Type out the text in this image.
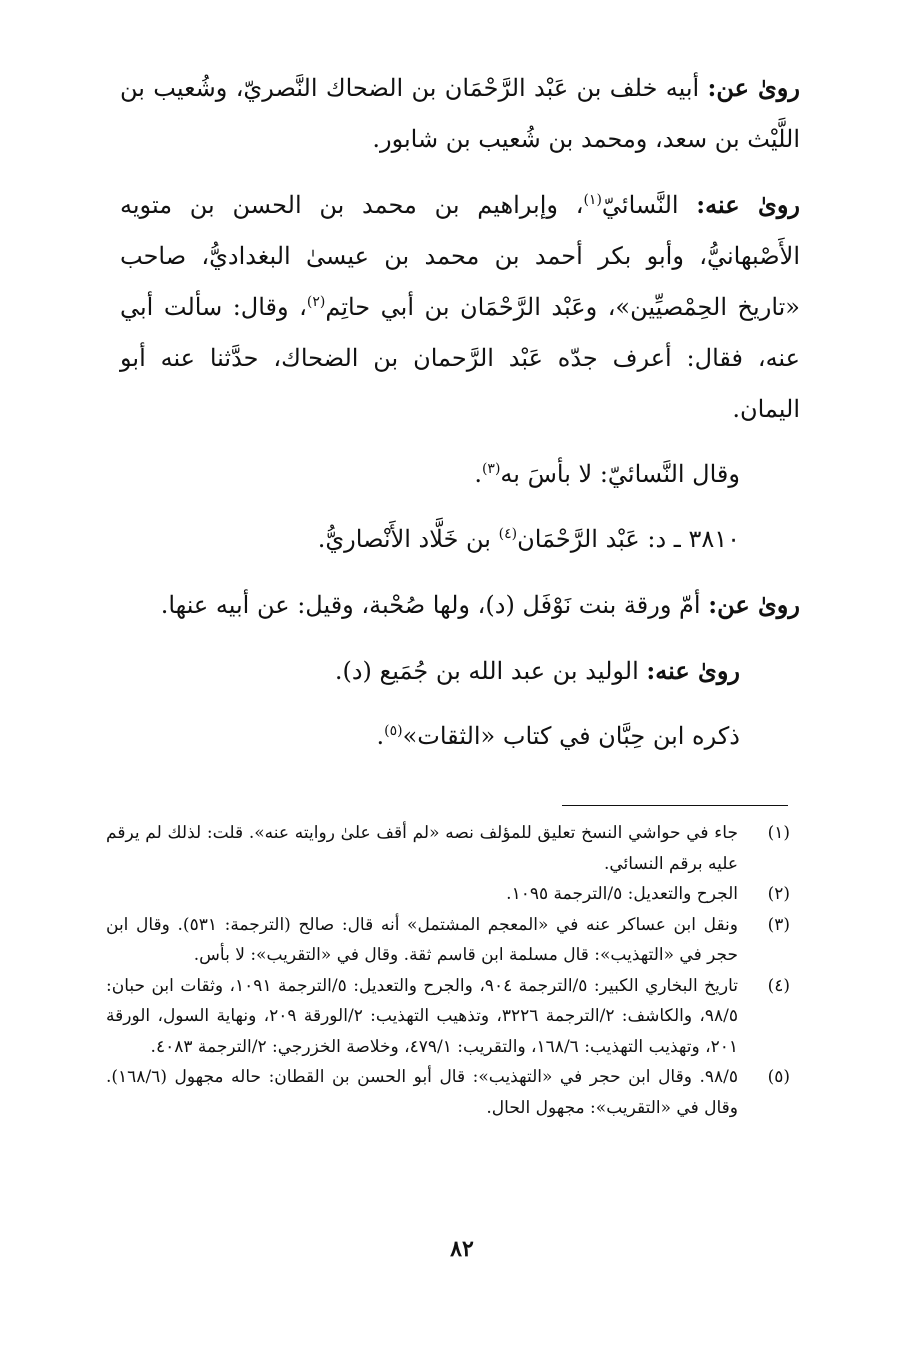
روىٰ عن: أبيه خلف بن عَبْد الرَّحْمَان بن الضحاك النَّصريّ، وشُعيب بن اللَّيْث بن سعد، ومحمد بن شُعيب بن شابور.

روىٰ عنه: النَّسائيّ$^{(١)}$، وإبراهيم بن محمد بن الحسن بن متويه الأَصْبهانيُّ، وأبو بكر أحمد بن محمد بن عيسىٰ البغداديُّ، صاحب «تاريخ الحِمْصيِّين»، وعَبْد الرَّحْمَان بن أبي حاتِم$^{(٢)}$، وقال: سألت أبي عنه، فقال: أعرف جدّه عَبْد الرَّحمان بن الضحاك، حدَّثنا عنه أبو اليمان.

وقال النَّسائيّ: لا بأسَ به$^{(٣)}$.

٣٨١٠ ـ د: عَبْد الرَّحْمَان$^{(٤)}$ بن خَلَّاد الأَنْصاريُّ.

روىٰ عن: أمّ ورقة بنت نَوْفَل (د)، ولها صُحْبة، وقيل: عن أبيه عنها.

روىٰ عنه: الوليد بن عبد الله بن جُمَيع (د).

ذكره ابن حِبَّان في كتاب «الثقات»$^{(٥)}$.

(١)
جاء في حواشي النسخ تعليق للمؤلف نصه «لم أقف علىٰ روايته عنه». قلت: لذلك لم يرقم عليه برقم النسائي.
(٢)
الجرح والتعديل: ٥/الترجمة ١٠٩٥.
(٣)
ونقل ابن عساكر عنه في «المعجم المشتمل» أنه قال: صالح (الترجمة: ٥٣١). وقال ابن حجر في «التهذيب»: قال مسلمة ابن قاسم ثقة. وقال في «التقريب»: لا بأس.
(٤)
تاريخ البخاري الكبير: ٥/الترجمة ٩٠٤، والجرح والتعديل: ٥/الترجمة ١٠٩١، وثقات ابن حبان: ٩٨/٥، والكاشف: ٢/الترجمة ٣٢٢٦، وتذهيب التهذيب: ٢/الورقة ٢٠٩، ونهاية السول، الورقة ٢٠١، وتهذيب التهذيب: ١٦٨/٦، والتقريب: ٤٧٩/١، وخلاصة الخزرجي: ٢/الترجمة ٤٠٨٣.
(٥)
٩٨/٥. وقال ابن حجر في «التهذيب»: قال أبو الحسن بن القطان: حاله مجهول (١٦٨/٦). وقال في «التقريب»: مجهول الحال.
٨٢
